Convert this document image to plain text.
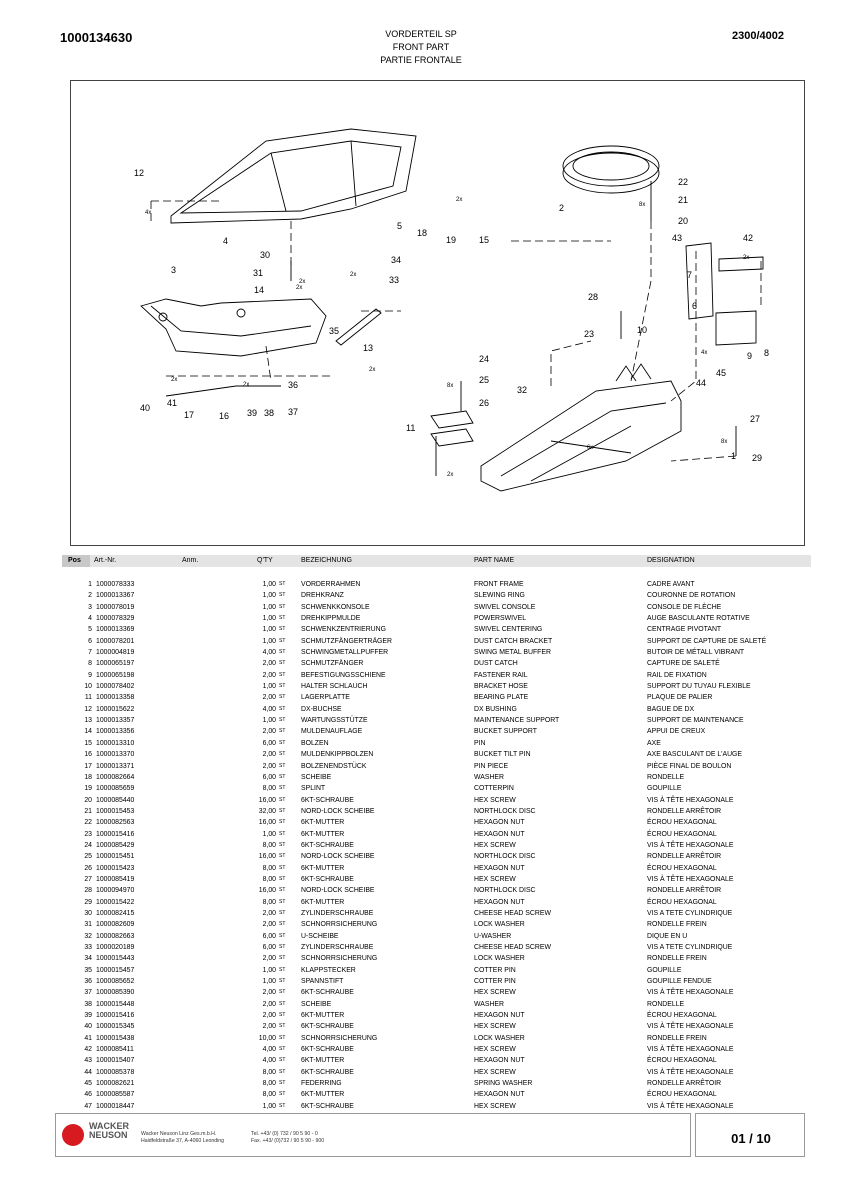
1000134630	VORDERTEIL SP
FRONT PART
PARTIE FRONTALE
2300/4002
1
2
3
4
5
6
7
8
9
10
11
12
13
14
15
16
17
18
19
20
21
22
23
24
25
26
27
28
29
30
31
32
33
34
35
36
37
38
39
40 41
42
43
44
45
4x
2x
2x
2x
8x
2x
2x
8x
2x
4x
8x
6x
2x
2x
2x
Pos	Art.-Nr.	Anm.	Q'TY	BEZEICHNUNG	PART NAME	DESIGNATION
1 1000078333	1,00 ST VORDERRAHMEN	FRONT FRAME	CADRE AVANT
2 1000013367	1,00 ST DREHKRANZ	SLEWING RING	COURONNE DE ROTATION
3 1000078019	1,00 ST SCHWENKKONSOLE	SWIVEL CONSOLE	CONSOLE DE FLÈCHE
4 1000078329	1,00 ST DREHKIPPMULDE	POWERSWIVEL	AUGE BASCULANTE ROTATIVE
5 1000013369	1,00 ST SCHWENKZENTRIERUNG	SWIVEL CENTERING	CENTRAGE PIVOTANT
6 1000078201	1,00 ST SCHMUTZFÄNGERTRÄGER	DUST CATCH BRACKET	SUPPORT DE CAPTURE DE SALETÉ
7 1000004819	4,00 ST SCHWINGMETALLPUFFER	SWING METAL BUFFER	BUTOIR DE MÉTALL VIBRANT
8 1000065197	2,00 ST SCHMUTZFÄNGER	DUST CATCH	CAPTURE DE SALETÉ
9 1000065198	2,00 ST BEFESTIGUNGSSCHIENE	FASTENER RAIL	RAIL DE FIXATION
10 1000078402	1,00 ST HALTER SCHLAUCH	BRACKET HOSE	SUPPORT DU TUYAU FLEXIBLE
11 1000013358	2,00 ST LAGERPLATTE	BEARING PLATE	PLAQUE DE PALIER
12 1000015622	4,00 ST DX-BUCHSE	DX BUSHING	BAGUE DE DX
13 1000013357	1,00 ST WARTUNGSSTÜTZE	MAINTENANCE SUPPORT	SUPPORT DE MAINTENANCE
14 1000013356	2,00 ST MULDENAUFLAGE	BUCKET SUPPORT	APPUI DE CREUX
15 1000013310	6,00 ST BOLZEN	PIN	AXE
16 1000013370	2,00 ST MULDENKIPPBOLZEN	BUCKET TILT PIN	AXE BASCULANT DE L'AUGE
17 1000013371	2,00 ST BOLZENENDSTÜCK	PIN PIECE	PIÈCE FINAL DE BOULON
18 1000082664	6,00 ST SCHEIBE	WASHER	RONDELLE
19 1000085659	8,00 ST SPLINT	COTTERPIN	GOUPILLE
20 1000085440	16,00 ST 6KT-SCHRAUBE	HEX SCREW	VIS À TÊTE HEXAGONALE
21 1000015453	32,00 ST NORD-LOCK SCHEIBE	NORTHLOCK DISC	RONDELLE ARRÊTOIR
22 1000082563	16,00 ST 6KT-MUTTER	HEXAGON NUT	ÉCROU HEXAGONAL
23 1000015416	1,00 ST 6KT-MUTTER	HEXAGON NUT	ÉCROU HEXAGONAL
24 1000085429	8,00 ST 6KT-SCHRAUBE	HEX SCREW	VIS À TÊTE HEXAGONALE
25 1000015451	16,00 ST NORD-LOCK SCHEIBE	NORTHLOCK DISC	RONDELLE ARRÊTOIR
26 1000015423	8,00 ST 6KT-MUTTER	HEXAGON NUT	ÉCROU HEXAGONAL
27 1000085419	8,00 ST 6KT-SCHRAUBE	HEX SCREW	VIS À TÊTE HEXAGONALE
28 1000094970	16,00 ST NORD-LOCK SCHEIBE	NORTHLOCK DISC	RONDELLE ARRÊTOIR
29 1000015422	8,00 ST 6KT-MUTTER	HEXAGON NUT	ÉCROU HEXAGONAL
30 1000082415	2,00 ST ZYLINDERSCHRAUBE	CHEESE HEAD SCREW	VIS A TETE CYLINDRIQUE
31 1000082609	2,00 ST SCHNORRSICHERUNG	LOCK WASHER	RONDELLE FREIN
32 1000082663	6,00 ST U-SCHEIBE	U-WASHER	DIQUE EN U
33 1000020189	6,00 ST ZYLINDERSCHRAUBE	CHEESE HEAD SCREW	VIS A TETE CYLINDRIQUE
34 1000015443	2,00 ST SCHNORRSICHERUNG	LOCK WASHER	RONDELLE FREIN
35 1000015457	1,00 ST KLAPPSTECKER	COTTER PIN	GOUPILLE
36 1000085652	1,00 ST SPANNSTIFT	COTTER PIN	GOUPILLE FENDUE
37 1000085390	2,00 ST 6KT-SCHRAUBE	HEX SCREW	VIS À TÊTE HEXAGONALE
38 1000015448	2,00 ST SCHEIBE	WASHER	RONDELLE
39 1000015416	2,00 ST 6KT-MUTTER	HEXAGON NUT	ÉCROU HEXAGONAL
40 1000015345	2,00 ST 6KT-SCHRAUBE	HEX SCREW	VIS À TÊTE HEXAGONALE
41 1000015438	10,00 ST SCHNORRSICHERUNG	LOCK WASHER	RONDELLE FREIN
42 1000085411	4,00 ST 6KT-SCHRAUBE	HEX SCREW	VIS À TÊTE HEXAGONALE
43 1000015407	4,00 ST 6KT-MUTTER	HEXAGON NUT	ÉCROU HEXAGONAL
44 1000085378	8,00 ST 6KT-SCHRAUBE	HEX SCREW	VIS À TÊTE HEXAGONALE
45 1000082621	8,00 ST FEDERRING	SPRING WASHER	RONDELLE ARRÊTOIR
46 1000085587	8,00 ST 6KT-MUTTER	HEXAGON NUT	ÉCROU HEXAGONAL
47 1000018447	1,00 ST 6KT-SCHRAUBE	HEX SCREW	VIS À TÊTE HEXAGONALE
WACKER
NEUSON	Wacker Neuson Linz Ges.m.b.H.
Haidfeldstraße 37, A-4060 Leonding
Tel. +43/ (0) 732 / 90 5 90 - 0
Fax. +43/ (0)732 / 90 5 90 - 900	01 / 10
